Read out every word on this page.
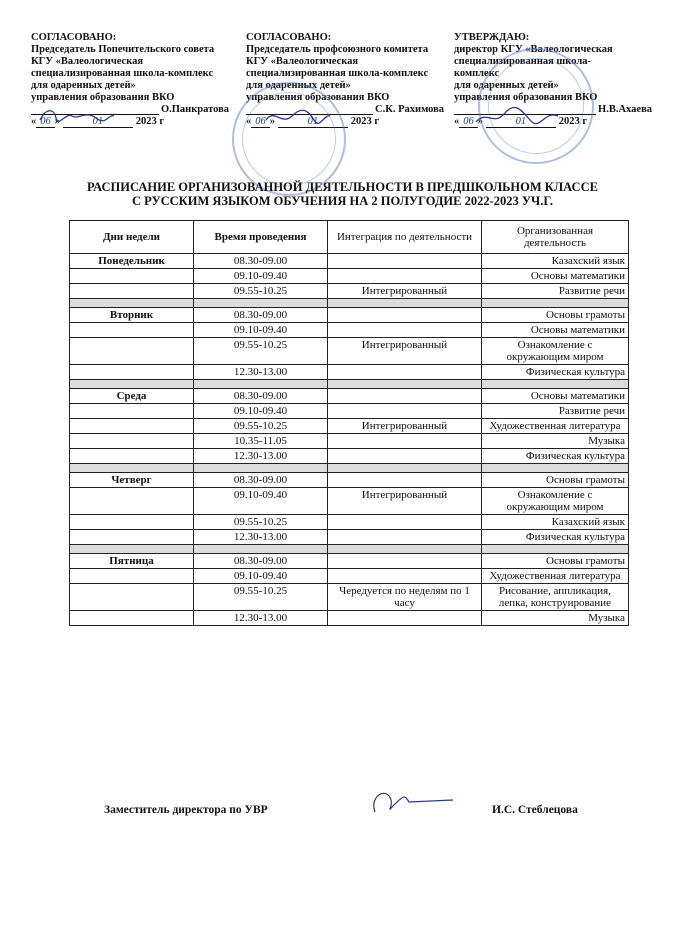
СОГЛАСОВАНО:
Председатель Попечительского совета
КГУ «Валеологическая
специализированная школа-комплекс
для одаренных детей»
управления образования ВКО
О.Панкратова
« 06 »	01	2023 г
СОГЛАСОВАНО:
Председатель профсоюзного комитета
КГУ «Валеологическая
специализированная школа-комплекс
для одаренных детей»
управления образования ВКО
С.К. Рахимова
« 06 »	01	2023 г
УТВЕРЖДАЮ:
директор КГУ «Валеологическая
специализированная школа-
комплекс
для одаренных детей»
управления образования ВКО
Н.В.Ахаева
« 06 »	01	2023 г
РАСПИСАНИЕ ОРГАНИЗОВАННОЙ ДЕЯТЕЛЬНОСТИ В ПРЕДШКОЛЬНОМ КЛАССЕ
С РУССКИМ ЯЗЫКОМ ОБУЧЕНИЯ НА 2 ПОЛУГОДИЕ 2022-2023 УЧ.Г.
Дни недели	Время проведения	Интеграция по деятельности	Организованная деятельность
Понедельник	08.30-09.00		Казахский язык
	09.10-09.40		Основы математики
	09.55-10.25	Интегрированный	Развитие речи

Вторник	08.30-09.00		Основы грамоты
	09.10-09.40		Основы математики
	09.55-10.25	Интегрированный	Ознакомление с окружающим миром
	12.30-13.00		Физическая культура

Среда	08.30-09.00		Основы математики
	09.10-09.40		Развитие речи
	09.55-10.25	Интегрированный	Художественная литература
	10.35-11.05		Музыка
	12.30-13.00		Физическая культура

Четверг	08.30-09.00		Основы грамоты
	09.10-09.40	Интегрированный	Ознакомление с окружающим миром
	09.55-10.25		Казахский язык
	12.30-13.00		Физическая культура

Пятница	08.30-09.00		Основы грамоты
	09.10-09.40		Художественная литература
	09.55-10.25	Чередуется по неделям по 1 часу	Рисование, аппликация, лепка, конструирование
	12.30-13.00		Музыка
Заместитель директора по УВР	И.С. Стеблецова
